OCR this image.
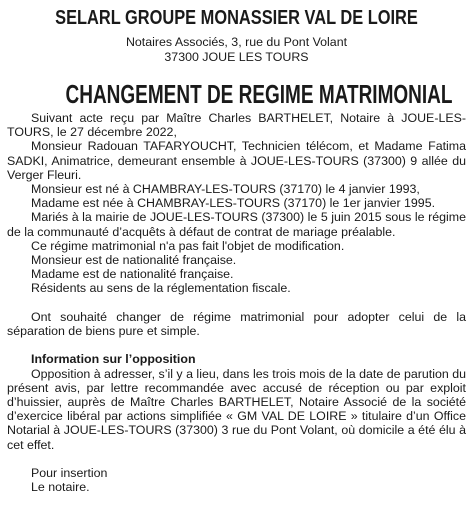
SELARL GROUPE MONASSIER VAL DE LOIRE
Notaires Associés, 3, rue du Pont Volant
37300 JOUE LES TOURS
CHANGEMENT DE REGIME MATRIMONIAL

Suivant acte reçu par Maître Charles BARTHELET, Notaire à JOUE-LES-TOURS, le 27 décembre 2022,

Monsieur Radouan TAFARYOUCHT, Technicien télécom, et Madame Fatima SADKI, Animatrice, demeurant ensemble à JOUE-LES-TOURS (37300) 9 allée du Verger Fleuri.

Monsieur est né à CHAMBRAY-LES-TOURS (37170) le 4 janvier 1993,

Madame est née à CHAMBRAY-LES-TOURS (37170) le 1er janvier 1995.

Mariés à la mairie de JOUE-LES-TOURS (37300) le 5 juin 2015 sous le régime de la communauté d’acquêts à défaut de contrat de mariage préalable.

Ce régime matrimonial n'a pas fait l'objet de modification.

Monsieur est de nationalité française.

Madame est de nationalité française.

Résidents au sens de la réglementation fiscale.

Ont souhaité changer de régime matrimonial pour adopter celui de la séparation de biens pure et simple.

Information sur l’opposition

Opposition à adresser, s’il y a lieu, dans les trois mois de la date de parution du présent avis, par lettre recommandée avec accusé de réception ou par exploit d’huissier, auprès de Maître Charles BARTHELET, Notaire Associé de la société d’exercice libéral par actions simplifiée « GM VAL DE LOIRE » titulaire d’un Office Notarial à JOUE-LES-TOURS (37300) 3 rue du Pont Volant, où domicile a été élu à cet effet.

Pour insertion

Le notaire.
